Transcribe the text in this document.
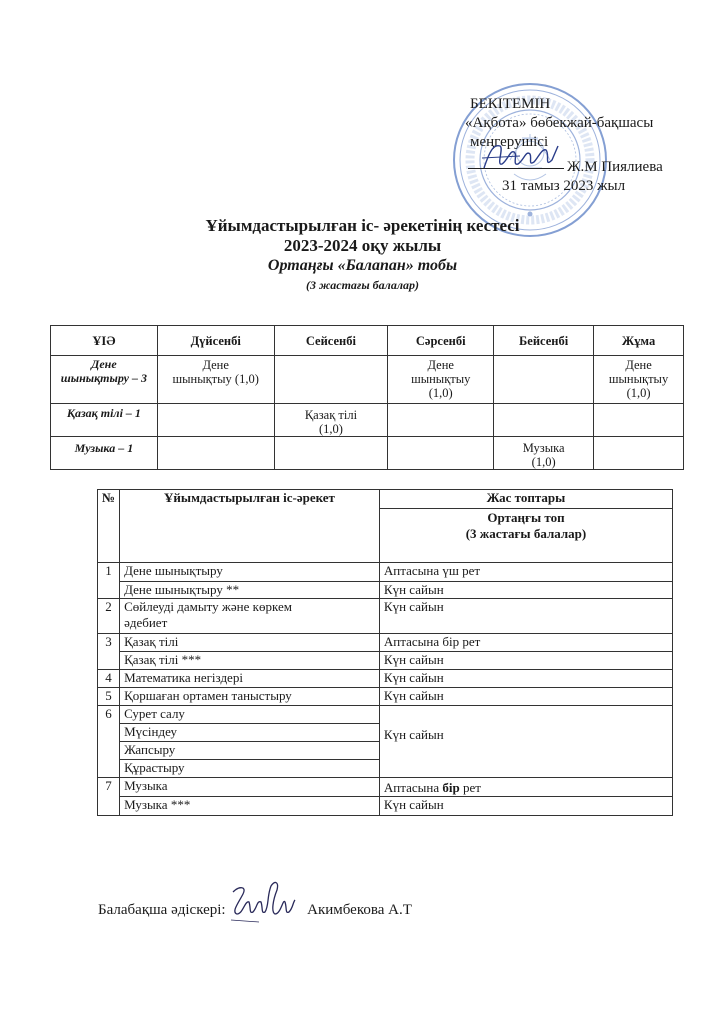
БЕКІТЕМІН
«Ақбота» бөбекжай-бақшасы
меңгерушісі
Ж.М Пиялиева
31 тамыз 2023 жыл
Ұйымдастырылған іс- әрекетінің кестесі
2023-2024 оқу жылы
Ортаңғы «Балапан» тобы
(3 жастағы балалар)
ҰІӘ	Дүйсенбі	Сейсенбі	Сәрсенбі	Бейсенбі	Жұма
Дене шынықтыру – 3	Дене шынықтыу (1,0)		Дене шынықтыу (1,0)		Дене шынықтыу (1,0)
Қазақ тілі – 1		Қазақ тілі (1,0)			
Музыка – 1				Музыка (1,0)	
№	Ұйымдастырылған іс-әрекет	Жас топтары

		Ортаңғы топ
(3 жастағы балалар)

1	Дене шынықтыру	Аптасына үш рет
	Дене шынықтыру **	Күн сайын
2	Сөйлеуді дамыту және көркем әдебиет	Күн сайын
3	Қазақ тілі	Аптасына бір рет
	Қазақ тілі ***	Күн сайын
4	Математика негіздері	Күн сайын
5	Қоршаған ортамен таныстыру	Күн сайын
6	Сурет салу	Күн сайын
	Мүсіндеу	
	Жапсыру	
	Құрастыру	
7	Музыка	Аптасына бір рет
	Музыка ***	Күн сайын
Балабақша әдіскері:	Акимбекова А.Т
